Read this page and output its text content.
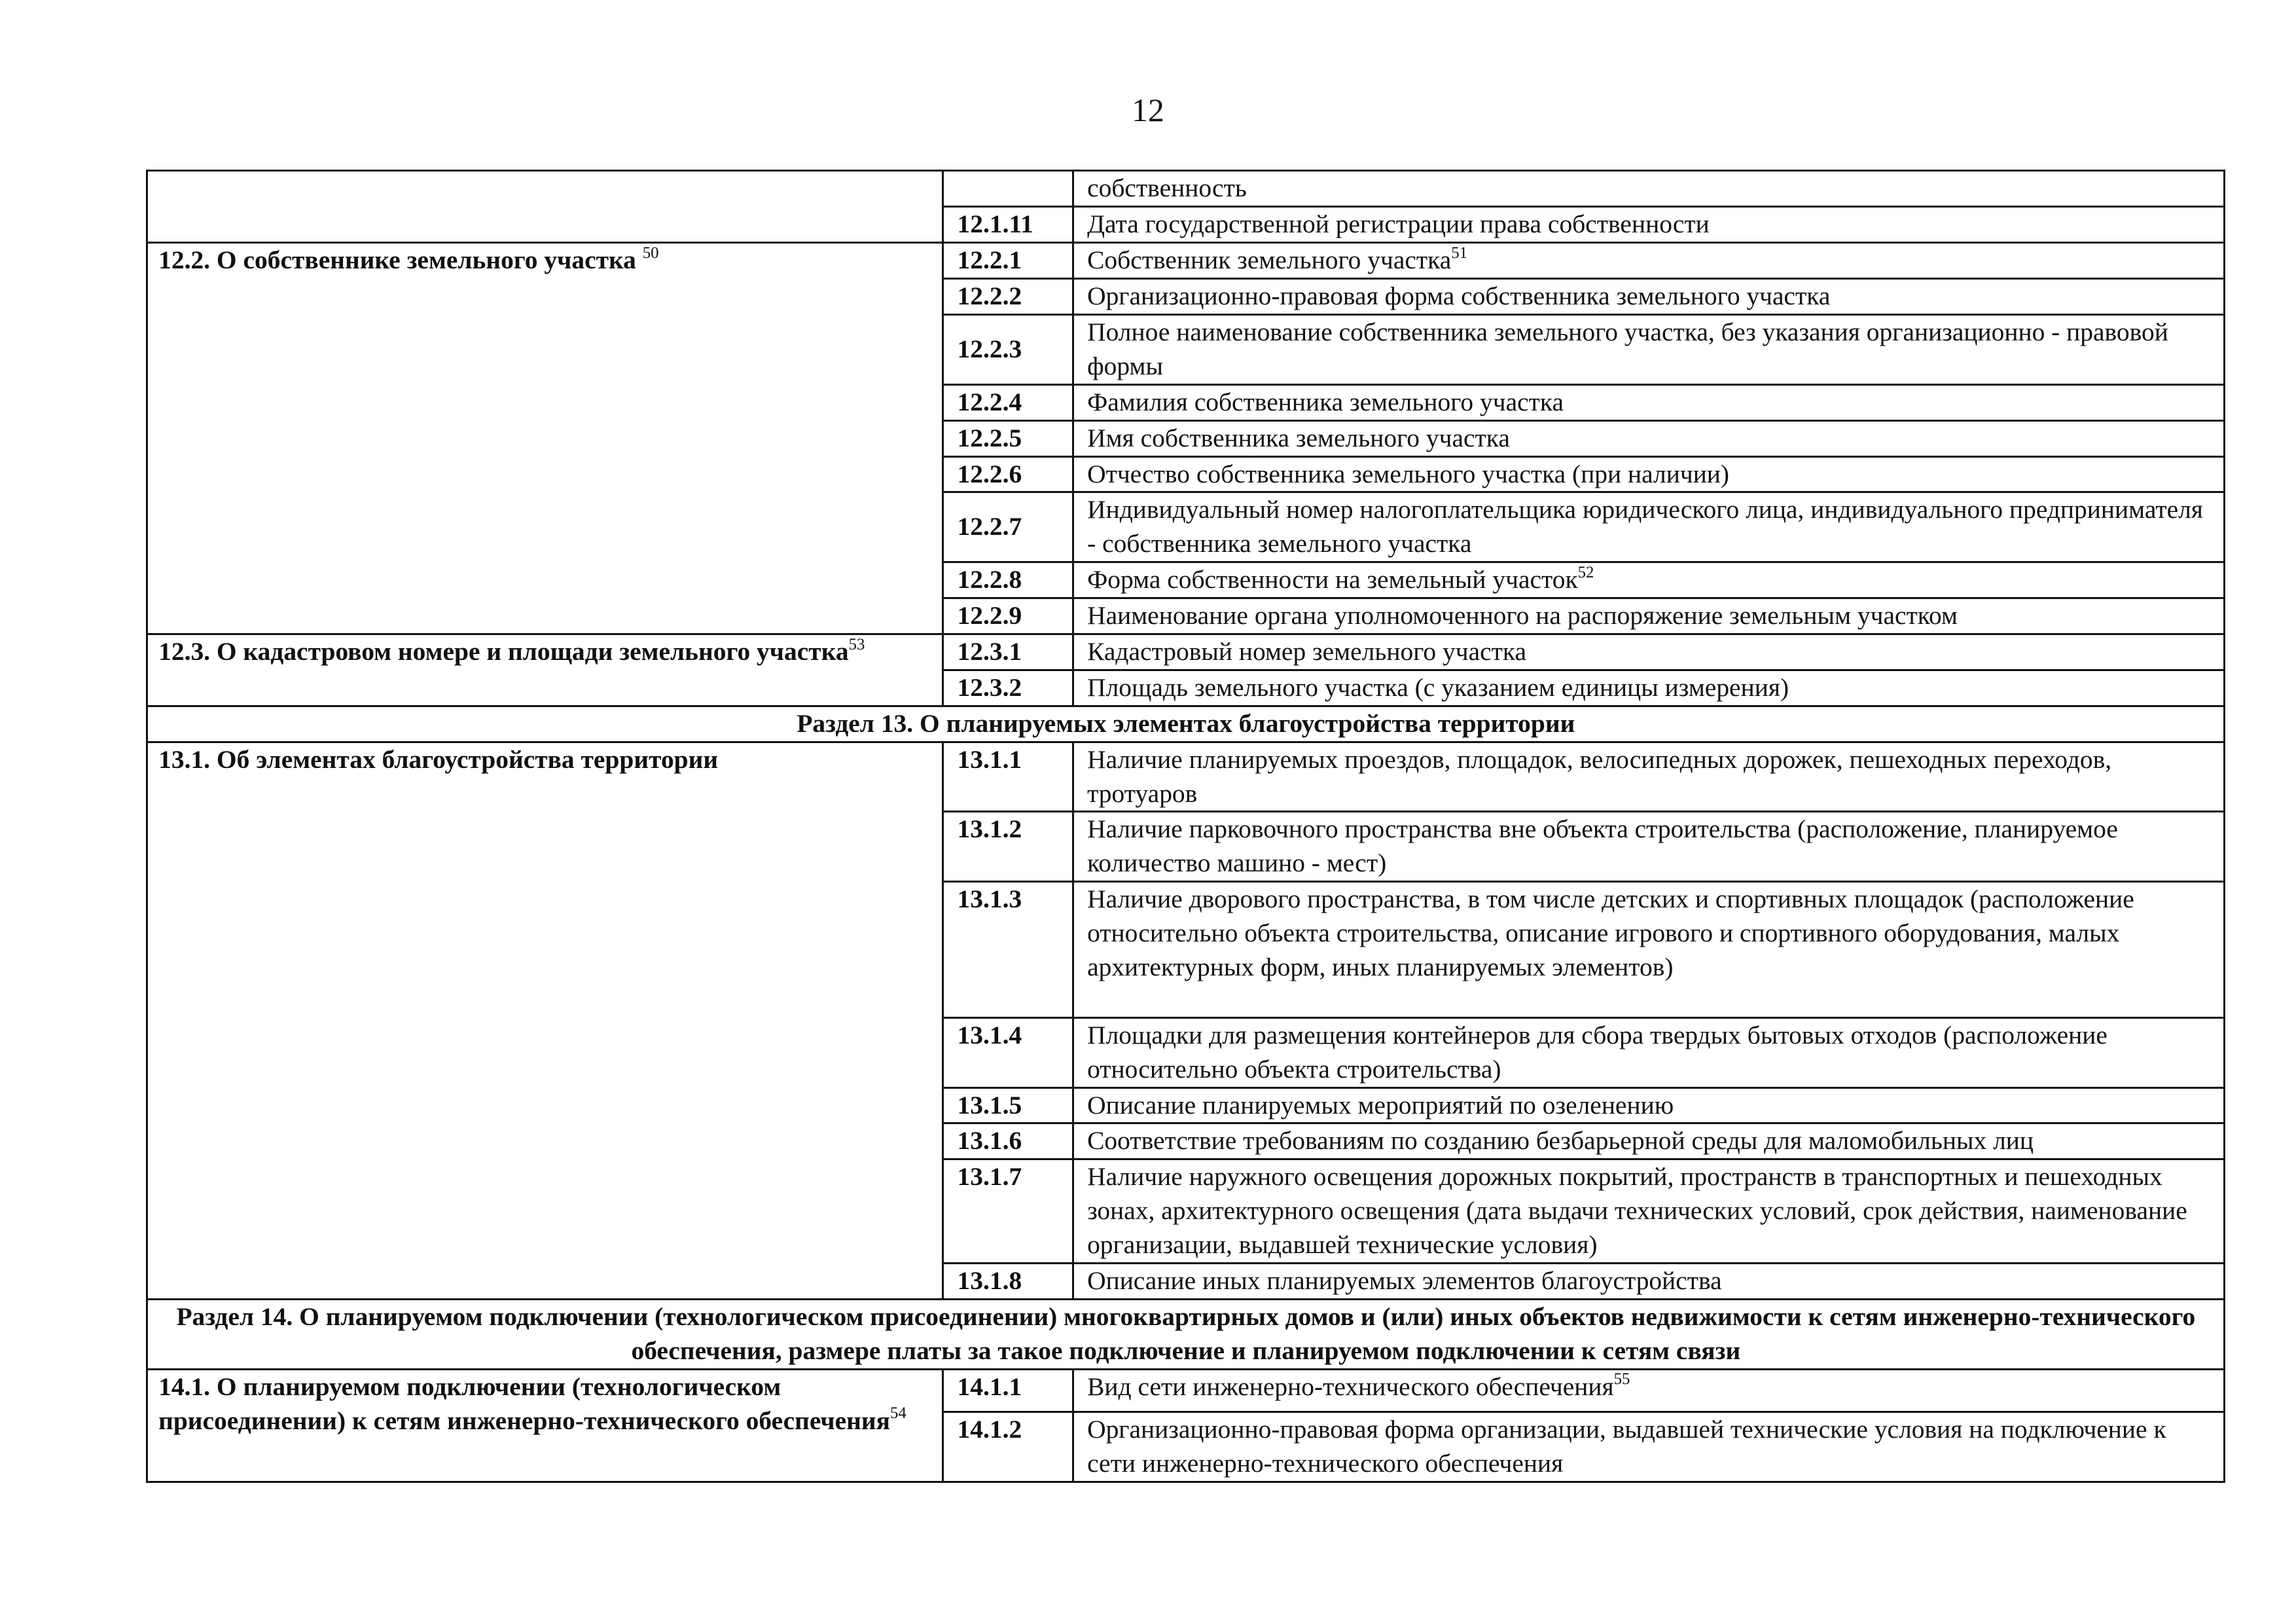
12
		собственность
	12.1.11	Дата государственной регистрации права собственности
12.2. О собственнике земельного участка $^{50}$	12.2.1	Собственник земельного участка$^{51}$
	12.2.2	Организационно-правовая форма собственника земельного участка
	12.2.3	Полное наименование собственника земельного участка, без указания организационно - правовой формы
	12.2.4	Фамилия собственника земельного участка
	12.2.5	Имя собственника земельного участка
	12.2.6	Отчество собственника земельного участка (при наличии)
	12.2.7	Индивидуальный номер налогоплательщика юридического лица, индивидуального предпринимателя - собственника земельного участка
	12.2.8	Форма собственности на земельный участок$^{52}$
	12.2.9	Наименование органа уполномоченного на распоряжение земельным участком
12.3. О кадастровом номере и площади земельного участка$^{53}$	12.3.1	Кадастровый номер земельного участка
	12.3.2	Площадь земельного участка (с указанием единицы измерения)
Раздел 13. О планируемых элементах благоустройства территории		
13.1. Об элементах благоустройства территории	13.1.1	Наличие планируемых проездов, площадок, велосипедных дорожек, пешеходных переходов, тротуаров
	13.1.2	Наличие парковочного пространства вне объекта строительства (расположение, планируемое количество машино - мест)
	13.1.3	Наличие дворового пространства, в том числе детских и спортивных площадок (расположение относительно объекта строительства, описание игрового и спортивного оборудования, малых архитектурных форм, иных планируемых элементов)
	13.1.4	Площадки для размещения контейнеров для сбора твердых бытовых отходов (расположение относительно объекта строительства)
	13.1.5	Описание планируемых мероприятий по озеленению
	13.1.6	Соответствие требованиям по созданию безбарьерной среды для маломобильных лиц
	13.1.7	Наличие наружного освещения дорожных покрытий, пространств в транспортных и пешеходных зонах, архитектурного освещения (дата выдачи технических условий, срок действия, наименование организации, выдавшей технические условия)
	13.1.8	Описание иных планируемых элементов благоустройства
Раздел 14. О планируемом подключении (технологическом присоединении) многоквартирных домов и (или) иных объектов недвижимости к сетям инженерно-технического обеспечения, размере платы за такое подключение и планируемом подключении к сетям связи		
14.1. О планируемом подключении (технологическом присоединении) к сетям инженерно-технического обеспечения$^{54}$	14.1.1	Вид сети инженерно-технического обеспечения$^{55}$
	14.1.2	Организационно-правовая форма организации, выдавшей технические условия на подключение к сети инженерно-технического обеспечения
